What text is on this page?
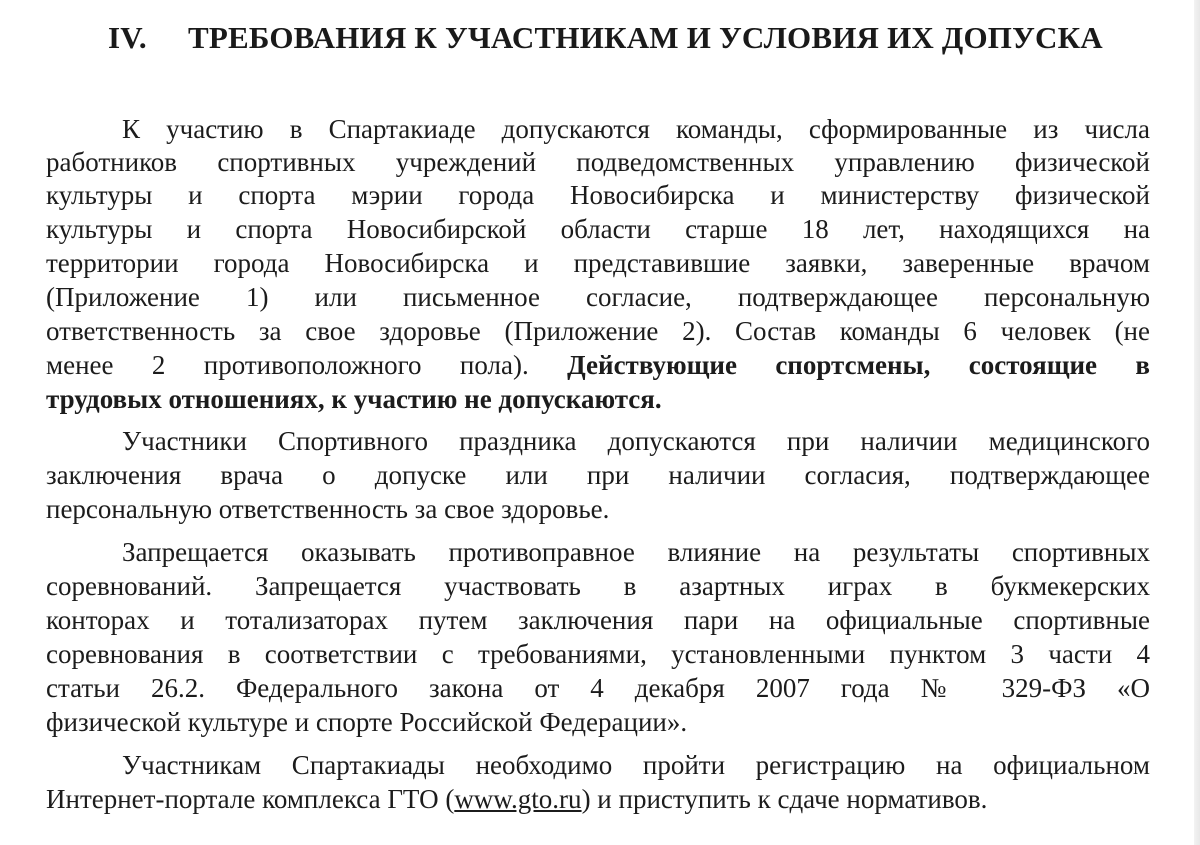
IV. ТРЕБОВАНИЯ К УЧАСТНИКАМ И УСЛОВИЯ ИХ ДОПУСКА
К участию в Спартакиаде допускаются команды, сформированные из числа
работников спортивных учреждений подведомственных управлению физической
культуры и спорта мэрии города Новосибирска и министерству физической
культуры и спорта Новосибирской области старше 18 лет, находящихся на
территории города Новосибирска и представившие заявки, заверенные врачом
(Приложение 1) или письменное согласие, подтверждающее персональную
ответственность за свое здоровье (Приложение 2). Состав команды 6 человек (не
менее 2 противоположного пола). Действующие спортсмены, состоящие в
трудовых отношениях, к участию не допускаются.
Участники Спортивного праздника допускаются при наличии медицинского
заключения врача о допуске или при наличии согласия, подтверждающее
персональную ответственность за свое здоровье.
Запрещается оказывать противоправное влияние на результаты спортивных
соревнований. Запрещается участвовать в азартных играх в букмекерских
конторах и тотализаторах путем заключения пари на официальные спортивные
соревнования в соответствии с требованиями, установленными пунктом 3 части 4
статьи 26.2. Федерального закона от 4 декабря 2007 года № 329-ФЗ «О
физической культуре и спорте Российской Федерации».
Участникам Спартакиады необходимо пройти регистрацию на официальном
Интернет-портале комплекса ГТО (www.gto.ru) и приступить к сдаче нормативов.
